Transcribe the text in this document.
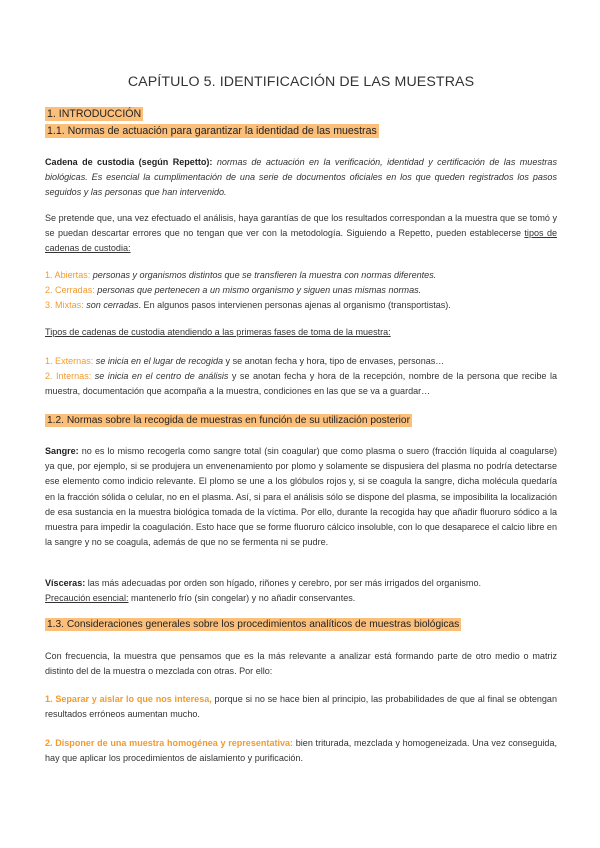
CAPÍTULO 5. IDENTIFICACIÓN DE LAS MUESTRAS
1. INTRODUCCIÓN
1.1. Normas de actuación para garantizar la identidad de las muestras

Cadena de custodia (según Repetto): normas de actuación en la verificación, identidad y certificación de las muestras biológicas. Es esencial la cumplimentación de una serie de documentos oficiales en los que queden registrados los pasos seguidos y las personas que han intervenido.

Se pretende que, una vez efectuado el análisis, haya garantías de que los resultados correspondan a la muestra que se tomó y se puedan descartar errores que no tengan que ver con la metodología. Siguiendo a Repetto, pueden establecerse tipos de cadenas de custodia:

1. Abiertas: personas y organismos distintos que se transfieren la muestra con normas diferentes.
2. Cerradas: personas que pertenecen a un mismo organismo y siguen unas mismas normas.
3. Mixtas: son cerradas. En algunos pasos intervienen personas ajenas al organismo (transportistas).
Tipos de cadenas de custodia atendiendo a las primeras fases de toma de la muestra:
1. Externas: se inicia en el lugar de recogida y se anotan fecha y hora, tipo de envases, personas…
2. Internas: se inicia en el centro de análisis y se anotan fecha y hora de la recepción, nombre de la persona que recibe la muestra, documentación que acompaña a la muestra, condiciones en las que se va a guardar…
1.2. Normas sobre la recogida de muestras en función de su utilización posterior

Sangre: no es lo mismo recogerla como sangre total (sin coagular) que como plasma o suero (fracción líquida al coagularse) ya que, por ejemplo, si se produjera un envenenamiento por plomo y solamente se dispusiera del plasma no podría detectarse ese elemento como indicio relevante. El plomo se une a los glóbulos rojos y, si se coagula la sangre, dicha molécula quedaría en la fracción sólida o celular, no en el plasma. Así, si para el análisis sólo se dispone del plasma, se imposibilita la localización de esa sustancia en la muestra biológica tomada de la víctima. Por ello, durante la recogida hay que añadir fluoruro sódico a la muestra para impedir la coagulación. Esto hace que se forme fluoruro cálcico insoluble, con lo que desaparece el calcio libre en la sangre y no se coagula, además de que no se fermenta ni se pudre.

Vísceras: las más adecuadas por orden son hígado, riñones y cerebro, por ser más irrigados del organismo.
Precaución esencial: mantenerlo frío (sin congelar) y no añadir conservantes.

1.3. Consideraciones generales sobre los procedimientos analíticos de muestras biológicas

Con frecuencia, la muestra que pensamos que es la más relevante a analizar está formando parte de otro medio o matriz distinto del de la muestra o mezclada con otras. Por ello:

1. Separar y aislar lo que nos interesa, porque si no se hace bien al principio, las probabilidades de que al final se obtengan resultados erróneos aumentan mucho.

2. Disponer de una muestra homogénea y representativa: bien triturada, mezclada y homogeneizada. Una vez conseguida, hay que aplicar los procedimientos de aislamiento y purificación.
